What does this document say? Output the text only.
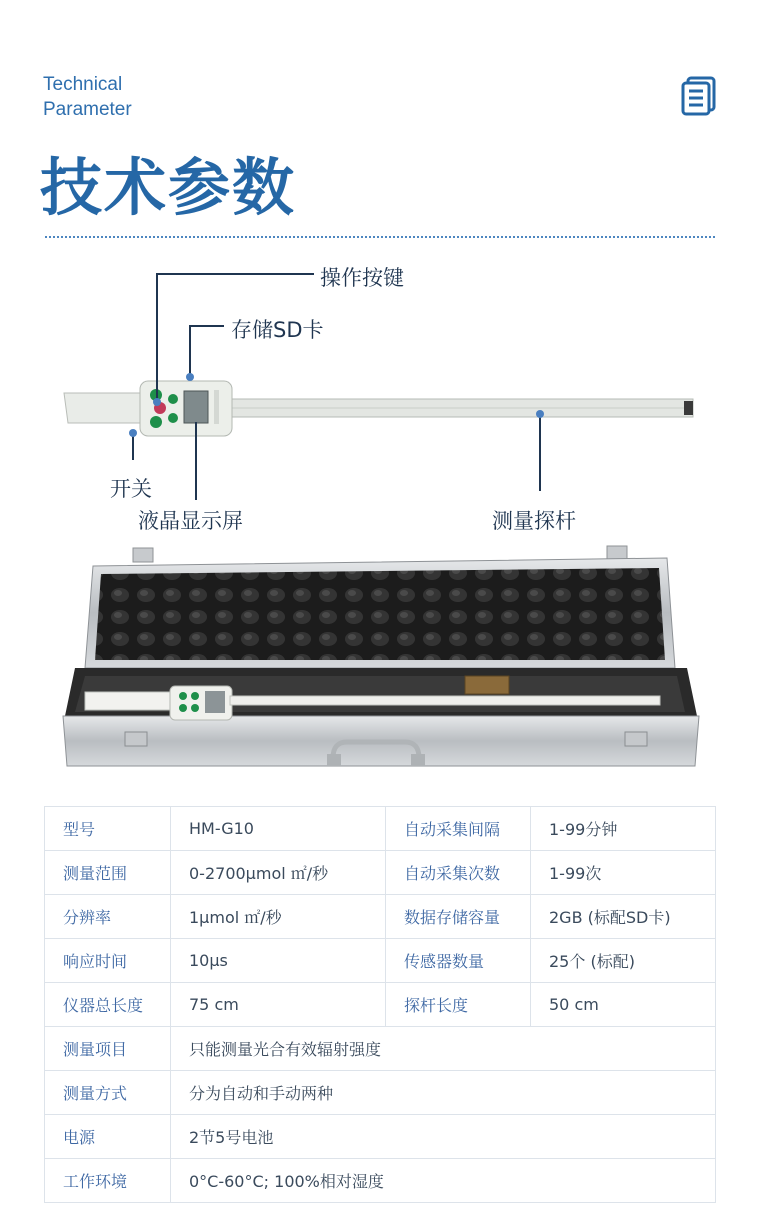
Technical
Parameter
技术参数
操作按键
存储SD卡
开关
液晶显示屏	测量探杆
型号	HM-G10	自动采集间隔	1-99分钟
测量范围	0-2700μmol ㎡/秒	自动采集次数	1-99次
分辨率	1μmol ㎡/秒	数据存储容量	2GB (标配SD卡)
响应时间	10μs	传感器数量	25个 (标配)
仪器总长度	75 cm	探杆长度	50 cm
测量项目	只能测量光合有效辐射强度		
测量方式	分为自动和手动两种		
电源	2节5号电池		
工作环境	0°C-60°C; 100%相对湿度		
